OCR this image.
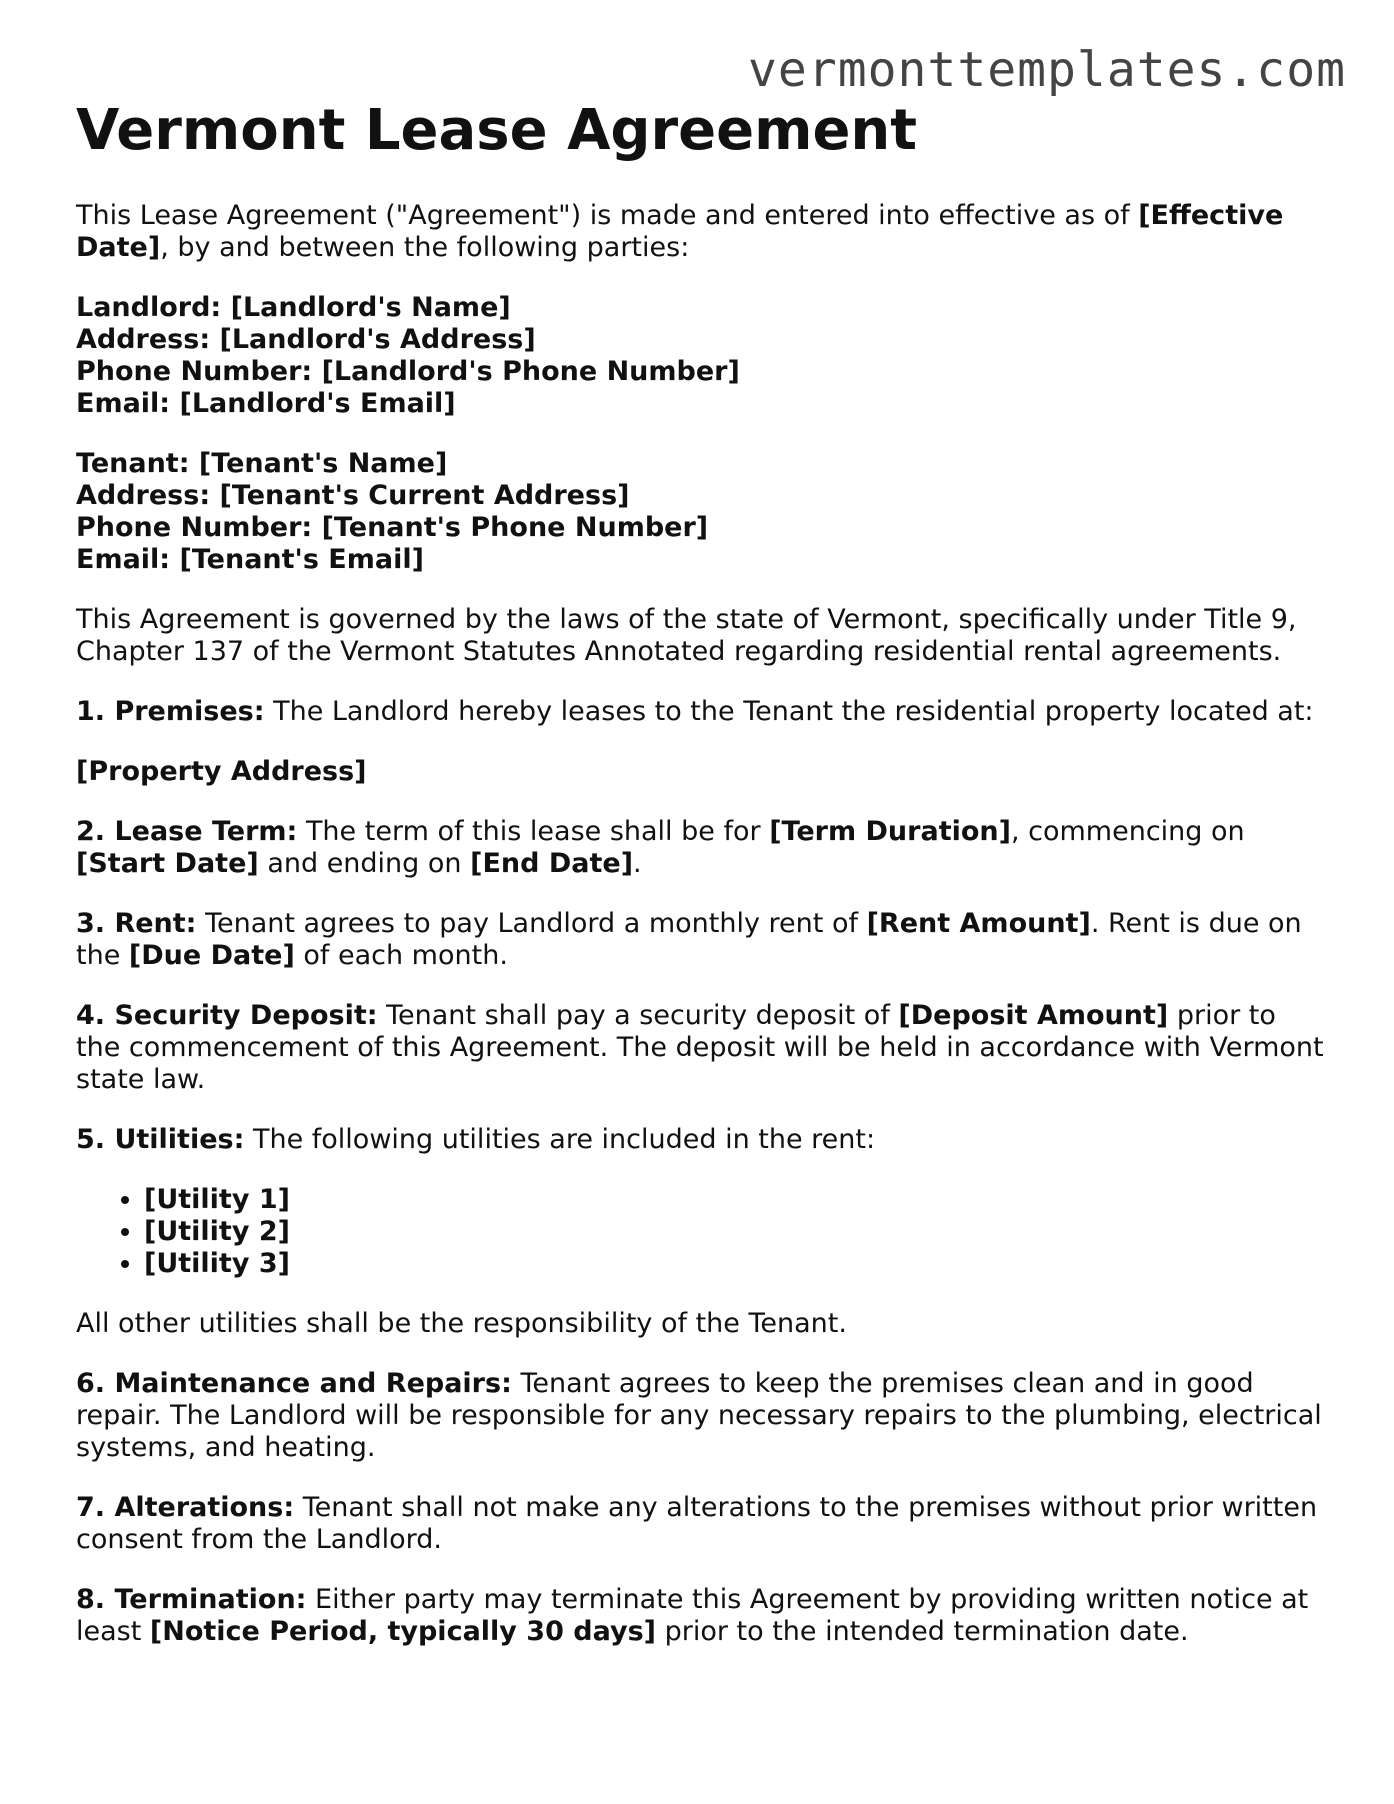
vermonttemplates.com
Vermont Lease Agreement

This Lease Agreement ("Agreement") is made and entered into effective as of [Effective Date], by and between the following parties:

Landlord: [Landlord's Name]
Address: [Landlord's Address]
Phone Number: [Landlord's Phone Number]
Email: [Landlord's Email]
Tenant: [Tenant's Name]
Address: [Tenant's Current Address]
Phone Number: [Tenant's Phone Number]
Email: [Tenant's Email]

This Agreement is governed by the laws of the state of Vermont, specifically under Title 9, Chapter 137 of the Vermont Statutes Annotated regarding residential rental agreements.

1. Premises: The Landlord hereby leases to the Tenant the residential property located at:

[Property Address]

2. Lease Term: The term of this lease shall be for [Term Duration], commencing on [Start Date] and ending on [End Date].

3. Rent: Tenant agrees to pay Landlord a monthly rent of [Rent Amount]. Rent is due on the [Due Date] of each month.

4. Security Deposit: Tenant shall pay a security deposit of [Deposit Amount] prior to the commencement of this Agreement. The deposit will be held in accordance with Vermont state law.

5. Utilities: The following utilities are included in the rent:

• [Utility 1]
• [Utility 2]
• [Utility 3]

All other utilities shall be the responsibility of the Tenant.

6. Maintenance and Repairs: Tenant agrees to keep the premises clean and in good repair. The Landlord will be responsible for any necessary repairs to the plumbing, electrical systems, and heating.

7. Alterations: Tenant shall not make any alterations to the premises without prior written consent from the Landlord.

8. Termination: Either party may terminate this Agreement by providing written notice at least [Notice Period, typically 30 days] prior to the intended termination date.
